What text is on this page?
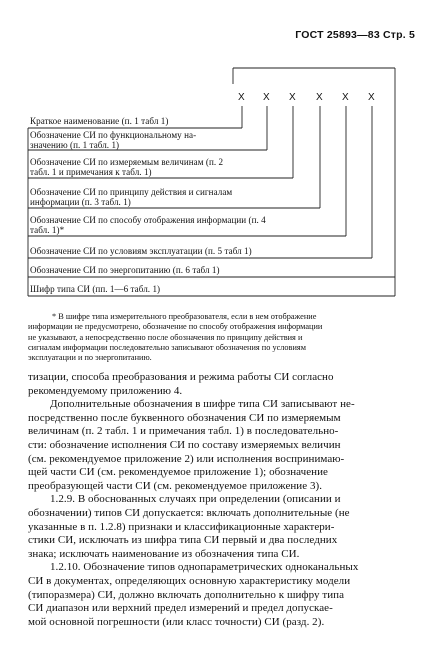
ГОСТ 25893—83 Стр. 5
Х Х Х Х Х Х
Краткое наименование (п. 1 табл 1)
Обозначение СИ по функциональному на-
значению (п. 1 табл. 1)
Обозначение СИ по измеряемым величинам (п. 2
табл. 1 и примечания к табл. 1)
Обозначение СИ по принципу действия и сигналам
информации (п. 3 табл. 1)
Обозначение СИ по способу отображения информации (п. 4
табл. 1)*
Обозначение СИ по условиям эксплуатации (п. 5 табл 1)
Обозначение СИ по энергопитанию (п. 6 табл 1)
Шифр типа СИ (пп. 1—6 табл. 1)
* В шифре типа измерительного преобразователя, если в нем отображение
информации не предусмотрено, обозначение по способу отображения информации
не указывают, а непосредственно после обозначения по принципу действия и
сигналам информации последовательно записывают обозначения по условиям
эксплуатации и по энергопитанию.

тизации, способа преобразования и режима работы СИ согласно
рекомендуемому приложению 4.

Дополнительные обозначения в шифре типа СИ записывают не-
посредственно после буквенного обозначения СИ по измеряемым
величинам (п. 2 табл. 1 и примечания табл. 1) в последовательно-
сти: обозначение исполнения СИ по составу измеряемых величин
(см. рекомендуемое приложение 2) или исполнения воспринимаю-
щей части СИ (см. рекомендуемое приложение 1); обозначение
преобразующей части СИ (см. рекомендуемое приложение 3).

1.2.9. В обоснованных случаях при определении (описании и
обозначении) типов СИ допускается: включать дополнительные (не
указанные в п. 1.2.8) признаки и классификационные характери-
стики СИ, исключать из шифра типа СИ первый и два последних
знака; исключать наименование из обозначения типа СИ.

1.2.10. Обозначение типов однопараметрических одноканальных
СИ в документах, определяющих основную характеристику модели
(типоразмера) СИ, должно включать дополнительно к шифру типа
СИ диапазон или верхний предел измерений и предел допускае-
мой основной погрешности (или класс точности) СИ (разд. 2).
